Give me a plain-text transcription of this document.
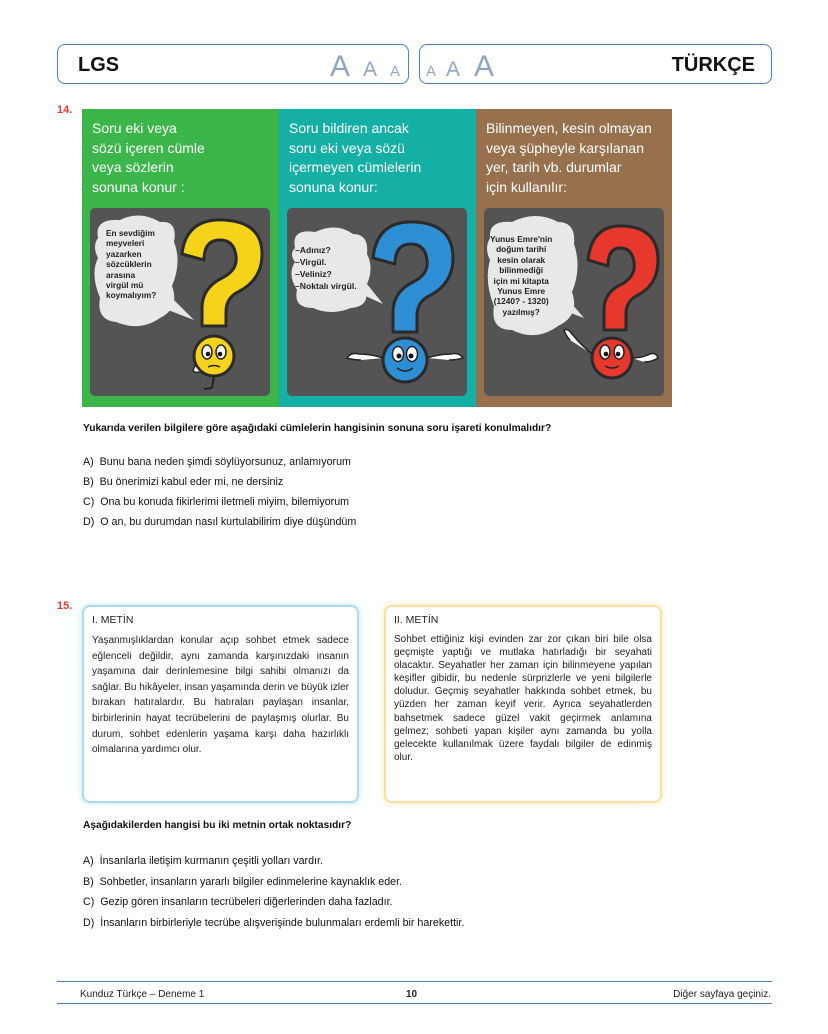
LGS	A A A A A A	TÜRKÇE
14.
Soru eki veya
sözü içeren cümle
veya sözlerin
sonuna konur :
En sevdiğim
meyveleri
yazarken
sözcüklerin
arasına
virgül mü
koymalıyım?
Soru bildiren ancak
soru eki veya sözü
içermeyen cümlelerin
sonuna konur:
–Adınız?
–Virgül.
–Veliniz?
–Noktalı virgül.
Bilinmeyen, kesin olmayan
veya şüpheyle karşılanan
yer, tarih vb. durumlar
için kullanılır:
Yunus Emre'nin
doğum tarihi
kesin olarak
bilinmediği
için mi kitapta
Yunus Emre
(1240? - 1320)
yazılmış?
Yukarıda verilen bilgilere göre aşağıdaki cümlelerin hangisinin sonuna soru işareti konulmalıdır?
A) Bunu bana neden şimdi söylüyorsunuz, anlamıyorum
B) Bu önerimizi kabul eder mi, ne dersiniz
C) Ona bu konuda fikirlerimi iletmeli miyim, bilemiyorum
D) O an, bu durumdan nasıl kurtulabilirim diye düşündüm
15.
I. METİN
Yaşanmışlıklardan konular açıp sohbet etmek sadece eğlenceli değildir, aynı zamanda karşınızdaki insanın yaşamına dair derinlemesine bilgi sahibi olmanızı da sağlar. Bu hikâyeler, insan yaşamında derin ve büyük izler bırakan hatıralardır. Bu hatıraları paylaşan insanlar, birbirlerinin hayat tecrübelerini de paylaşmış olurlar. Bu durum, sohbet edenlerin yaşama karşı daha hazırlıklı olmalarına yardımcı olur.
II. METİN
Sohbet ettiğiniz kişi evinden zar zor çıkan biri bile olsa geçmişte yaptığı ve mutlaka hatırladığı bir seyahati olacaktır. Seyahatler her zaman için bilinmeyene yapılan keşifler gibidir, bu nedenle sürprizlerle ve yeni bilgilerle doludur. Geçmiş seyahatler hakkında sohbet etmek, bu yüzden her zaman keyif verir. Ayrıca seyahatlerden bahsetmek sadece güzel vakit geçirmek anlamına gelmez; sohbeti yapan kişiler aynı zamanda bu yolla gelecekte kullanılmak üzere faydalı bilgiler de edinmiş olur.
Aşağıdakilerden hangisi bu iki metnin ortak noktasıdır?
A) İnsanlarla iletişim kurmanın çeşitli yolları vardır.
B) Sohbetler, insanların yararlı bilgiler edinmelerine kaynaklık eder.
C) Gezip gören insanların tecrübeleri diğerlerinden daha fazladır.
D) İnsanların birbirleriyle tecrübe alışverişinde bulunmaları erdemli bir harekettir.
Kunduz Türkçe – Deneme 1	10	Diğer sayfaya geçiniz.
